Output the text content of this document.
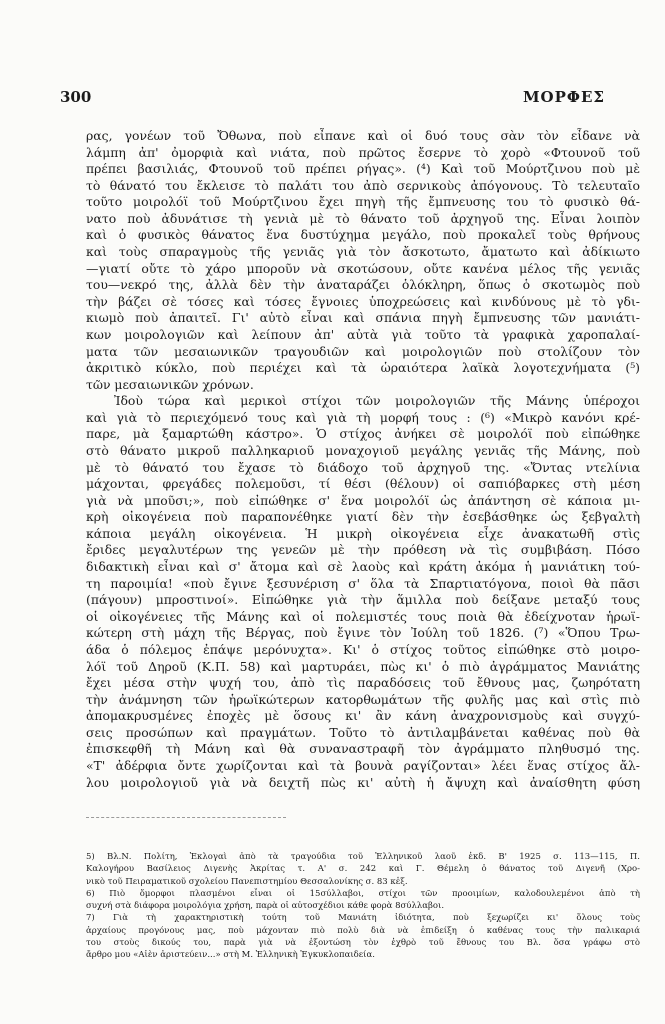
300	ΜΟΡΦΕΣ
ρας, γονέων τοῦ Ὄθωνα, ποὺ εἶπανε καὶ οἱ δυό τους σὰν τὸν εἶδανε νὰ
λάμπη ἀπ' ὀμορφιὰ καὶ νιάτα, ποὺ πρῶτος ἔσερνε τὸ χορὸ «Φτουνοῦ τοῦ
πρέπει βασιλιάς, Φτουνοῦ τοῦ πρέπει ρήγας». (⁴) Καὶ τοῦ Μούρτζινου ποὺ μὲ
τὸ θάνατό του ἔκλεισε τὸ παλάτι του ἀπὸ σερνικοὺς ἀπόγονους. Τὸ τελευταῖο
τοῦτο μοιρολόϊ τοῦ Μούρτζινου ἔχει πηγὴ τῆς ἔμπνευσης του τὸ φυσικὸ θά-
νατο ποὺ ἀδυνάτισε τὴ γενιὰ μὲ τὸ θάνατο τοῦ ἀρχηγοῦ της. Εἶναι λοιπὸν
καὶ ὁ φυσικὸς θάνατος ἕνα δυστύχημα μεγάλο, ποὺ προκαλεῖ τοὺς θρήνους
καὶ τοὺς σπαραγμοὺς τῆς γενιᾶς γιὰ τὸν ἄσκοτωτο, ἄματωτο καὶ ἀδίκιωτο
—γιατί οὔτε τὸ χάρο μποροῦν νὰ σκοτώσουν, οὔτε κανένα μέλος τῆς γενιᾶς
του—νεκρό της, ἀλλὰ δὲν τὴν ἀναταράζει ὁλόκληρη, ὅπως ὁ σκοτωμὸς ποὺ
τὴν βάζει σὲ τόσες καὶ τόσες ἔγνοιες ὑποχρεώσεις καὶ κινδύνους μὲ τὸ γδι-
κιωμὸ ποὺ ἀπαιτεῖ. Γι' αὐτὸ εἶναι καὶ σπάνια πηγὴ ἔμπνευσης τῶν μανιάτι-
κων μοιρολογιῶν καὶ λείπουν ἀπ' αὐτὰ γιὰ τοῦτο τὰ γραφικὰ χαροπαλαί-
ματα τῶν μεσαιωνικῶν τραγουδιῶν καὶ μοιρολογιῶν ποὺ στολίζουν τὸν
ἀκριτικὸ κύκλο, ποὺ περιέχει καὶ τὰ ὡραιότερα λαϊκὰ λογοτεχνήματα (⁵)
τῶν μεσαιωνικῶν χρόνων.
Ἰδοὺ τώρα καὶ μερικοὶ στίχοι τῶν μοιρολογιῶν τῆς Μάνης ὑπέροχοι
καὶ γιὰ τὸ περιεχόμενό τους καὶ γιὰ τὴ μορφή τους : (⁶) «Μικρὸ κανόνι κρέ-
παρε, μὰ ξαμαρτώθη κάστρο». Ὁ στίχος ἀνήκει σὲ μοιρολόϊ ποὺ εἰπώθηκε
στὸ θάνατο μικροῦ παλληκαριοῦ μοναχογιοῦ μεγάλης γενιᾶς τῆς Μάνης, ποὺ
μὲ τὸ θάνατό του ἔχασε τὸ διάδοχο τοῦ ἀρχηγοῦ της. «Ὄντας ντελίνια
μάχονται, φρεγάδες πολεμοῦσι, τί θέσι (θέλουν) οἱ σαπιόβαρκες στὴ μέση
γιὰ νὰ μποῦσι;», ποὺ εἰπώθηκε σ' ἕνα μοιρολόϊ ὡς ἀπάντηση σὲ κάποια μι-
κρὴ οἰκογένεια ποὺ παραπονέθηκε γιατί δὲν τὴν ἐσεβάσθηκε ὡς ξεβγαλτὴ
κάποια μεγάλη οἰκογένεια. Ἡ μικρὴ οἰκογένεια εἶχε ἀνακατωθῆ στὶς
ἔριδες μεγαλυτέρων της γενεῶν μὲ τὴν πρόθεση νὰ τὶς συμβιβάση. Πόσο
διδακτικὴ εἶναι καὶ σ' ἄτομα καὶ σὲ λαοὺς καὶ κράτη ἀκόμα ἡ μανιάτικη τού-
τη παροιμία! «ποὺ ἔγινε ξεσυνέριση σ' ὅλα τὰ Σπαρτιατόγονα, ποιοὶ θὰ πᾶσι
(πάγουν) μπροστινοί». Εἰπώθηκε γιὰ τὴν ἅμιλλα ποὺ δείξανε μεταξύ τους
οἱ οἰκογένειες τῆς Μάνης καὶ οἱ πολεμιστές τους ποιὰ θὰ ἐδείχνοταν ἡρωϊ-
κώτερη στὴ μάχη τῆς Βέργας, ποὺ ἔγινε τὸν Ἰούλη τοῦ 1826. (⁷) «Ὅπου Τρω-
άδα ὁ πόλεμος ἐπάψε μερόνυχτα». Κι' ὁ στίχος τοῦτος εἰπώθηκε στὸ μοιρο-
λόϊ τοῦ Δηροῦ (Κ.Π. 58) καὶ μαρτυράει, πὼς κι' ὁ πιὸ ἀγράμματος Μανιάτης
ἔχει μέσα στὴν ψυχή του, ἀπὸ τὶς παραδόσεις τοῦ ἔθνους μας, ζωηρότατη
τὴν ἀνάμνηση τῶν ἡρωϊκώτερων κατορθωμάτων τῆς φυλῆς μας καὶ στὶς πιὸ
ἀπομακρυσμένες ἐποχὲς μὲ ὅσους κι' ἂν κάνη ἀναχρονισμοὺς καὶ συγχύ-
σεις προσώπων καὶ πραγμάτων. Τοῦτο τὸ ἀντιλαμβάνεται καθένας ποὺ θὰ
ἐπισκεφθῆ τὴ Μάνη καὶ θὰ συναναστραφῆ τὸν ἀγράμματο πληθυσμό της.
«Τ' ἀδέρφια ὄντε χωρίζονται καὶ τὰ βουνὰ ραγίζονται» λέει ἕνας στίχος ἄλ-
λου μοιρολογιοῦ γιὰ νὰ δειχτῆ πὼς κι' αὐτὴ ἡ ἄψυχη καὶ ἀναίσθητη φύση
5) Βλ.Ν. Πολίτη, Ἐκλογαὶ ἀπὸ τὰ τραγούδια τοῦ Ἑλληνικοῦ λαοῦ ἐκδ. Β' 1925 σ. 113—115, Π.
Καλογήρου Βασίλειος Διγενὴς Ἀκρίτας τ. Α' σ. 242 καὶ Γ. Θέμελη ὁ θάνατος τοῦ Διγενῆ (Χρο-
νικὸ τοῦ Πειραματικοῦ σχολείου Πανεπιστημίου Θεσσαλονίκης σ. 83 κἑξ.
6) Πιὸ ὄμορφοι πλασμένοι εἶναι οἱ 15σύλλαβοι, στίχοι τῶν προοιμίων, καλοδουλεμένοι ἀπὸ τὴ
συχνή στὰ διάφορα μοιρολόγια χρήση, παρὰ οἱ αὐτοσχέδιοι κάθε φορὰ 8σύλλαβοι.
7) Γιὰ τὴ χαρακτηριστικὴ τούτη τοῦ Μανιάτη ἰδιότητα, ποὺ ξεχωρίζει κι' ὅλους τοὺς
ἀρχαίους προγόνους μας, ποὺ μάχονταν πιὸ πολὺ διὰ νὰ ἐπιδείξη ὁ καθένας τους τὴν παλικαριά
του στοὺς δικούς του, παρὰ γιὰ νὰ ἐξοντώση τὸν ἐχθρὸ τοῦ ἔθνους του Βλ. ὅσα γράφω στὸ
ἄρθρο μου «Αἰὲν ἀριστεύειν...» στὴ Μ. Ἑλληνικὴ Ἐγκυκλοπαιδεία.
